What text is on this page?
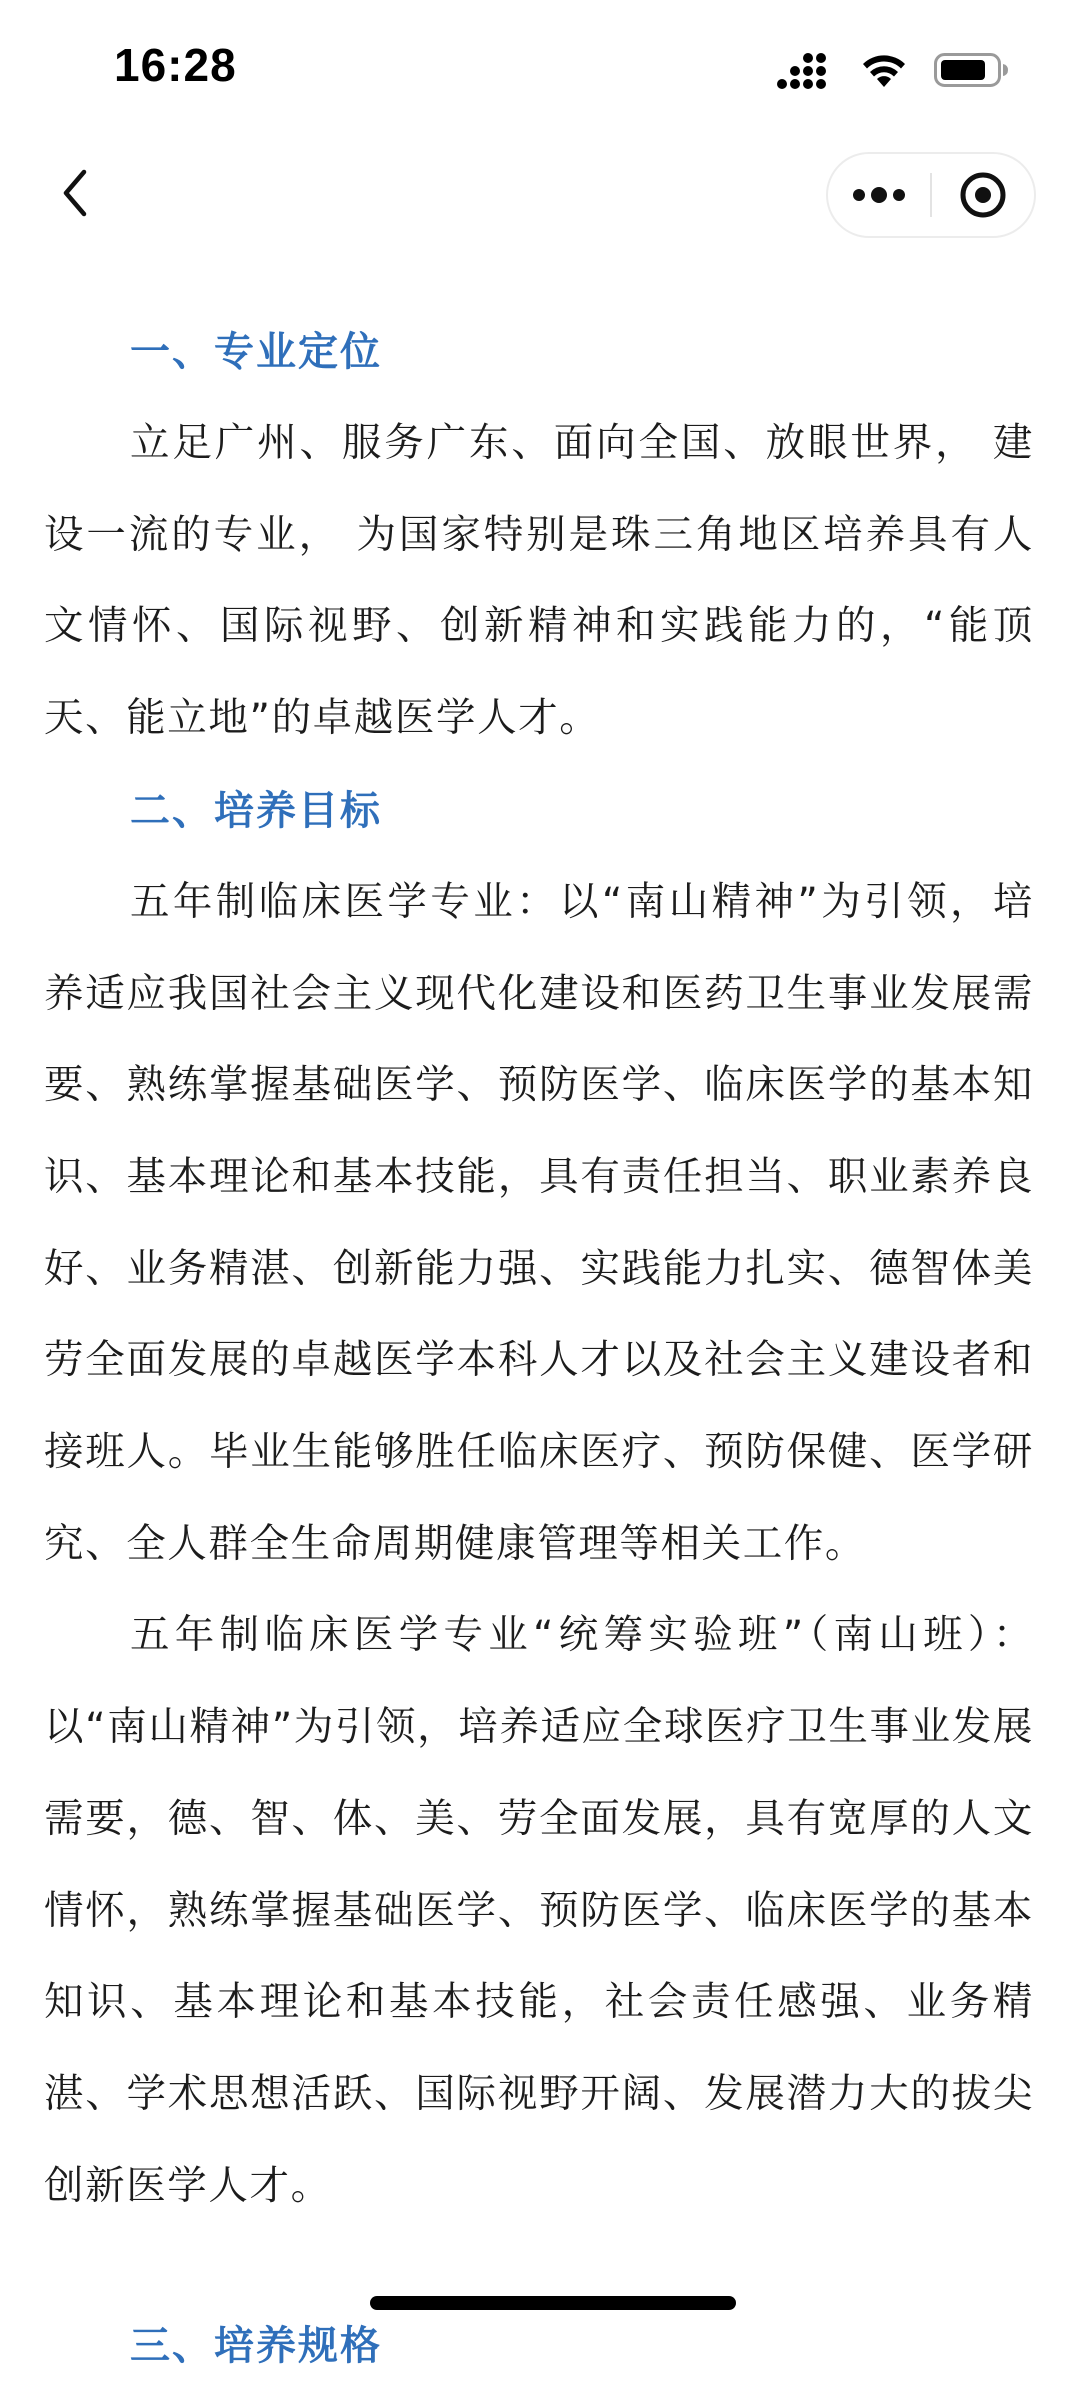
16:28

一、专业定位

立足广州、服务广东、面向全国、放眼世界， 建设一流的专业， 为国家特别是珠三角地区培养具有人文情怀、国际视野、创新精神和实践能力的，“能顶天、能立地”的卓越医学人才。

二、培养目标

五年制临床医学专业：以“南山精神”为引领，培养适应我国社会主义现代化建设和医药卫生事业发展需要、熟练掌握基础医学、预防医学、临床医学的基本知识、基本理论和基本技能，具有责任担当、职业素养良好、业务精湛、创新能力强、实践能力扎实、德智体美劳全面发展的卓越医学本科人才以及社会主义建设者和接班人。毕业生能够胜任临床医疗、预防保健、医学研究、全人群全生命周期健康管理等相关工作。

五年制临床医学专业“统筹实验班”（南山班）：以“南山精神”为引领，培养适应全球医疗卫生事业发展需要，德、智、体、美、劳全面发展，具有宽厚的人文情怀，熟练掌握基础医学、预防医学、临床医学的基本知识、基本理论和基本技能，社会责任感强、业务精湛、学术思想活跃、国际视野开阔、发展潜力大的拔尖创新医学人才。

三、培养规格
